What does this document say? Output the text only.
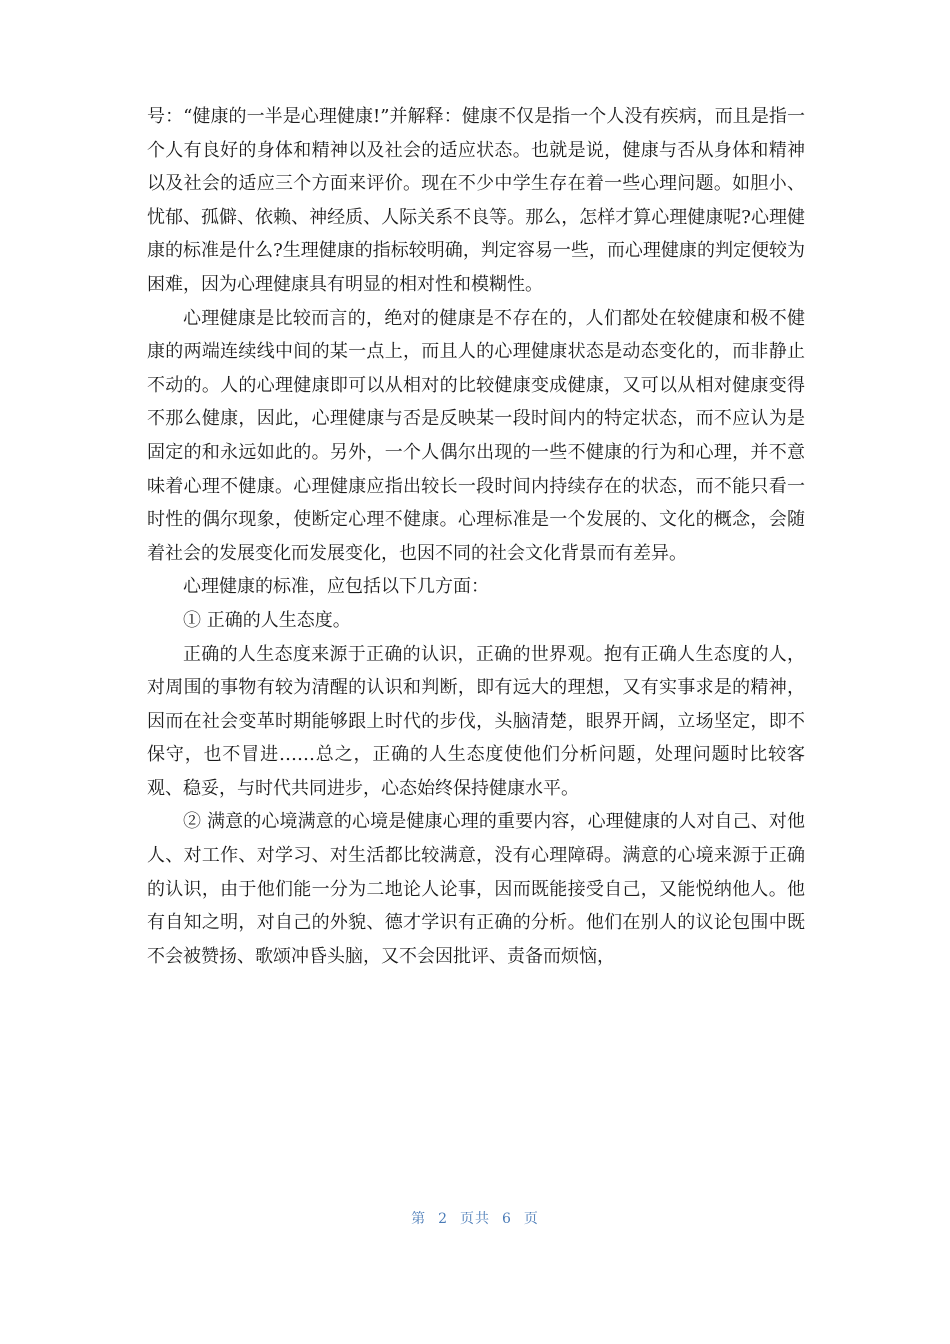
号：“健康的一半是心理健康!”并解释：健康不仅是指一个人没有疾病，而且是指一个人有良好的身体和精神以及社会的适应状态。也就是说，健康与否从身体和精神以及社会的适应三个方面来评价。现在不少中学生存在着一些心理问题。如胆小、忧郁、孤僻、依赖、神经质、人际关系不良等。那么，怎样才算心理健康呢?心理健康的标准是什么?生理健康的指标较明确，判定容易一些，而心理健康的判定便较为困难，因为心理健康具有明显的相对性和模糊性。

心理健康是比较而言的，绝对的健康是不存在的，人们都处在较健康和极不健康的两端连续线中间的某一点上，而且人的心理健康状态是动态变化的，而非静止不动的。人的心理健康即可以从相对的比较健康变成健康，又可以从相对健康变得不那么健康，因此，心理健康与否是反映某一段时间内的特定状态，而不应认为是固定的和永远如此的。另外，一个人偶尔出现的一些不健康的行为和心理，并不意味着心理不健康。心理健康应指出较长一段时间内持续存在的状态，而不能只看一时性的偶尔现象，使断定心理不健康。心理标准是一个发展的、文化的概念，会随着社会的发展变化而发展变化，也因不同的社会文化背景而有差异。

心理健康的标准，应包括以下几方面：

① 正确的人生态度。

正确的人生态度来源于正确的认识，正确的世界观。抱有正确人生态度的人，对周围的事物有较为清醒的认识和判断，即有远大的理想，又有实事求是的精神，因而在社会变革时期能够跟上时代的步伐，头脑清楚，眼界开阔，立场坚定，即不保守，也不冒进……总之，正确的人生态度使他们分析问题，处理问题时比较客观、稳妥，与时代共同进步，心态始终保持健康水平。

② 满意的心境满意的心境是健康心理的重要内容，心理健康的人对自己、对他人、对工作、对学习、对生活都比较满意，没有心理障碍。满意的心境来源于正确的认识，由于他们能一分为二地论人论事，因而既能接受自己，又能悦纳他人。他有自知之明，对自己的外貌、德才学识有正确的分析。他们在别人的议论包围中既不会被赞扬、歌颂冲昏头脑，又不会因批评、责备而烦恼，

第 2 页共 6 页
